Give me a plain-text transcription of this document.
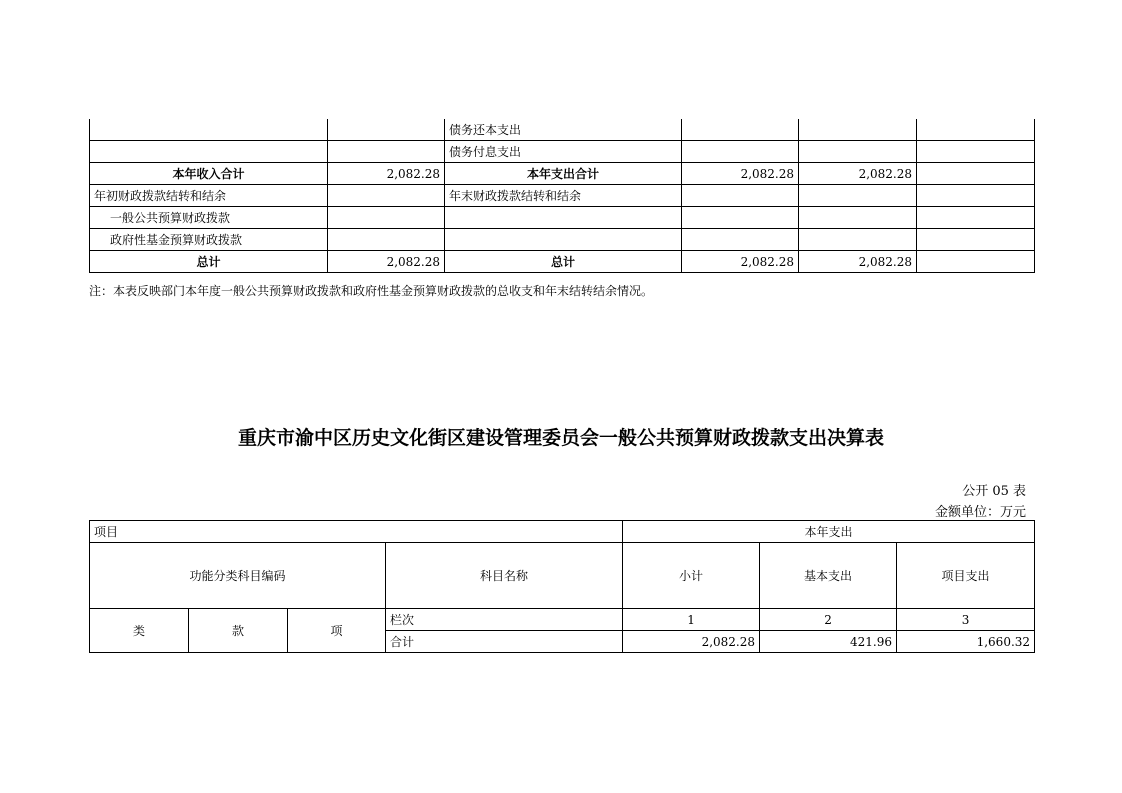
		债务还本支出			
		债务付息支出			
本年收入合计	2,082.28	本年支出合计	2,082.28	2,082.28	
年初财政拨款结转和结余		年末财政拨款结转和结余			
一般公共预算财政拨款					
政府性基金预算财政拨款					
总计	2,082.28	总计	2,082.28	2,082.28	
注：本表反映部门本年度一般公共预算财政拨款和政府性基金预算财政拨款的总收支和年末结转结余情况。
重庆市渝中区历史文化街区建设管理委员会一般公共预算财政拨款支出决算表
公开 05 表
金额单位：万元
项目				本年支出		
功能分类科目编码			科目名称	小计	基本支出	项目支出
类	款	项	栏次	1	2	3
			合计	2,082.28	421.96	1,660.32
